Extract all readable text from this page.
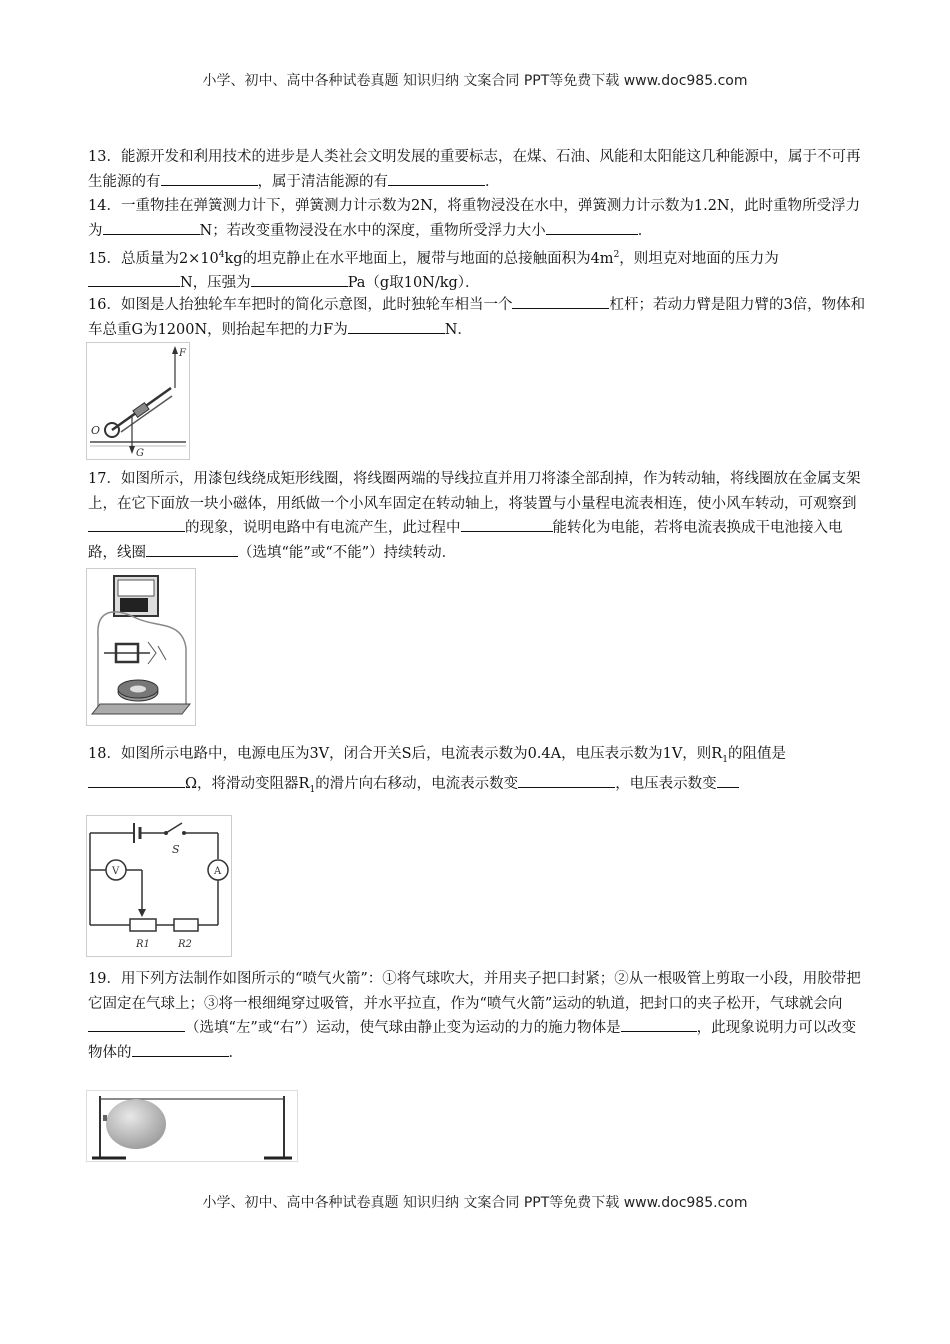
小学、初中、高中各种试卷真题 知识归纳 文案合同 PPT等免费下载 www.doc985.com

13．能源开发和利用技术的进步是人类社会文明发展的重要标志，在煤、石油、风能和太阳能这几种能源中，属于不可再生能源的有	，属于清洁能源的有	．

14．一重物挂在弹簧测力计下，弹簧测力计示数为2N，将重物浸没在水中，弹簧测力计示数为1.2N，此时重物所受浮力为	N；若改变重物浸没在水中的深度，重物所受浮力大小	．

15．总质量为$2\times 10^4kg$的坦克静止在水平地面上，履带与地面的总接触面积为$4m^2$，则坦克对地面的压力为N，压强为	Pa（g取10N/kg）．

16．如图是人抬独轮车车把时的简化示意图，此时独轮车相当一个	杠杆；若动力臂是阻力臂的3倍，物体和车总重G为1200N，则抬起车把的力F为	N．

F
O
G

17．如图所示，用漆包线绕成矩形线圈，将线圈两端的导线拉直并用刀将漆全部刮掉，作为转动轴，将线圈放在金属支架上，在它下面放一块小磁体，用纸做一个小风车固定在转动轴上，将装置与小量程电流表相连，使小风车转动，可观察到的现象，说明电路中有电流产生，此过程中	能转化为电能，若将电流表换成干电池接入电路，线圈	（选填“能”或“不能”）持续转动．

18．如图所示电路中，电源电压为3V，闭合开关S后，电流表示数为0.4A，电压表示数为1V，则$R_1$的阻值是Ω，将滑动变阻器$R_1$的滑片向右移动，电流表示数变	，电压表示数变

S
V	A
R1	R2

19．用下列方法制作如图所示的“喷气火箭”：①将气球吹大，并用夹子把口封紧；②从一根吸管上剪取一小段，用胶带把它固定在气球上；③将一根细绳穿过吸管，并水平拉直，作为“喷气火箭”运动的轨道，把封口的夹子松开，气球就会向（选填“左”或“右”）运动，使气球由静止变为运动的力的施力物体是	，此现象说明力可以改变物体的	．

小学、初中、高中各种试卷真题 知识归纳 文案合同 PPT等免费下载 www.doc985.com
